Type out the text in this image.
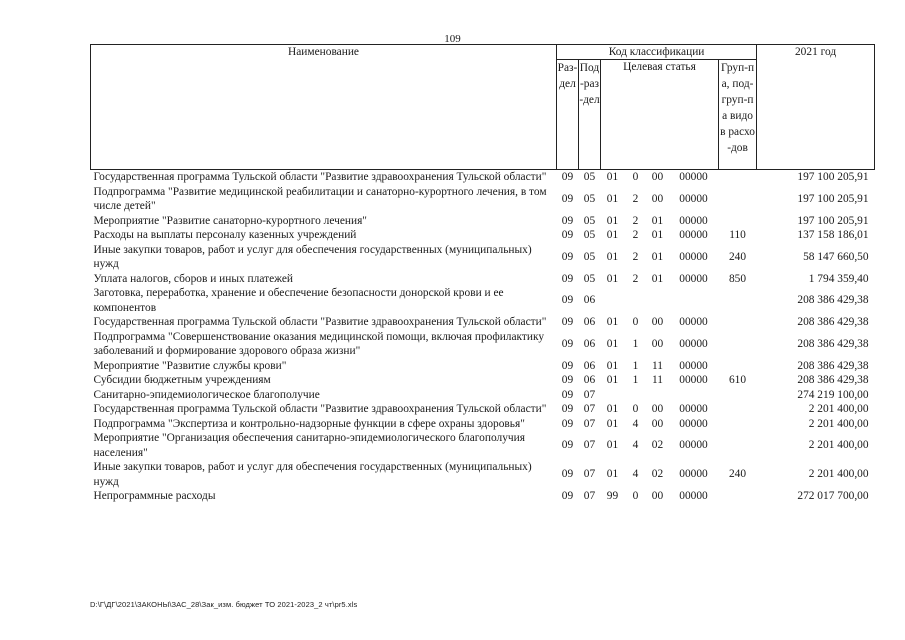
109
Наименование	Код классификации							2021 год
	Раз-дел	Под-раз-дел	Целевая статья				Груп-па, под-груп-па видов расхо-дов	
Государственная программа Тульской области "Развитие здравоохранения Тульской области"	09	05	01	0	00	00000		197 100 205,91
Подпрограмма "Развитие медицинской реабилитации и санаторно-курортного лечения, в том числе детей"	09	05	01	2	00	00000		197 100 205,91
Мероприятие "Развитие санаторно-курортного лечения"	09	05	01	2	01	00000		197 100 205,91
Расходы на выплаты персоналу казенных учреждений	09	05	01	2	01	00000	110	137 158 186,01
Иные закупки товаров, работ и услуг для обеспечения государственных (муниципальных) нужд	09	05	01	2	01	00000	240	58 147 660,50
Уплата налогов, сборов и иных платежей	09	05	01	2	01	00000	850	1 794 359,40
Заготовка, переработка, хранение и обеспечение безопасности донорской крови и ее компонентов	09	06						208 386 429,38
Государственная программа Тульской области "Развитие здравоохранения Тульской области"	09	06	01	0	00	00000		208 386 429,38
Подпрограмма "Совершенствование оказания медицинской помощи, включая профилактику заболеваний и формирование здорового образа жизни"	09	06	01	1	00	00000		208 386 429,38
Мероприятие "Развитие службы крови"	09	06	01	1	11	00000		208 386 429,38
Субсидии бюджетным учреждениям	09	06	01	1	11	00000	610	208 386 429,38
Санитарно-эпидемиологическое благополучие	09	07						274 219 100,00
Государственная программа Тульской области "Развитие здравоохранения Тульской области"	09	07	01	0	00	00000		2 201 400,00
Подпрограмма "Экспертиза и контрольно-надзорные функции в сфере охраны здоровья"	09	07	01	4	00	00000		2 201 400,00
Мероприятие "Организация обеспечения санитарно-эпидемиологического благополучия населения"	09	07	01	4	02	00000		2 201 400,00
Иные закупки товаров, работ и услуг для обеспечения государственных (муниципальных) нужд	09	07	01	4	02	00000	240	2 201 400,00
Непрограммные расходы	09	07	99	0	00	00000		272 017 700,00
D:\Г\ДГ\2021\ЗАКОНЫ\ЗАС_28\Зак_изм. бюджет ТО 2021-2023_2 чт\pr5.xls
